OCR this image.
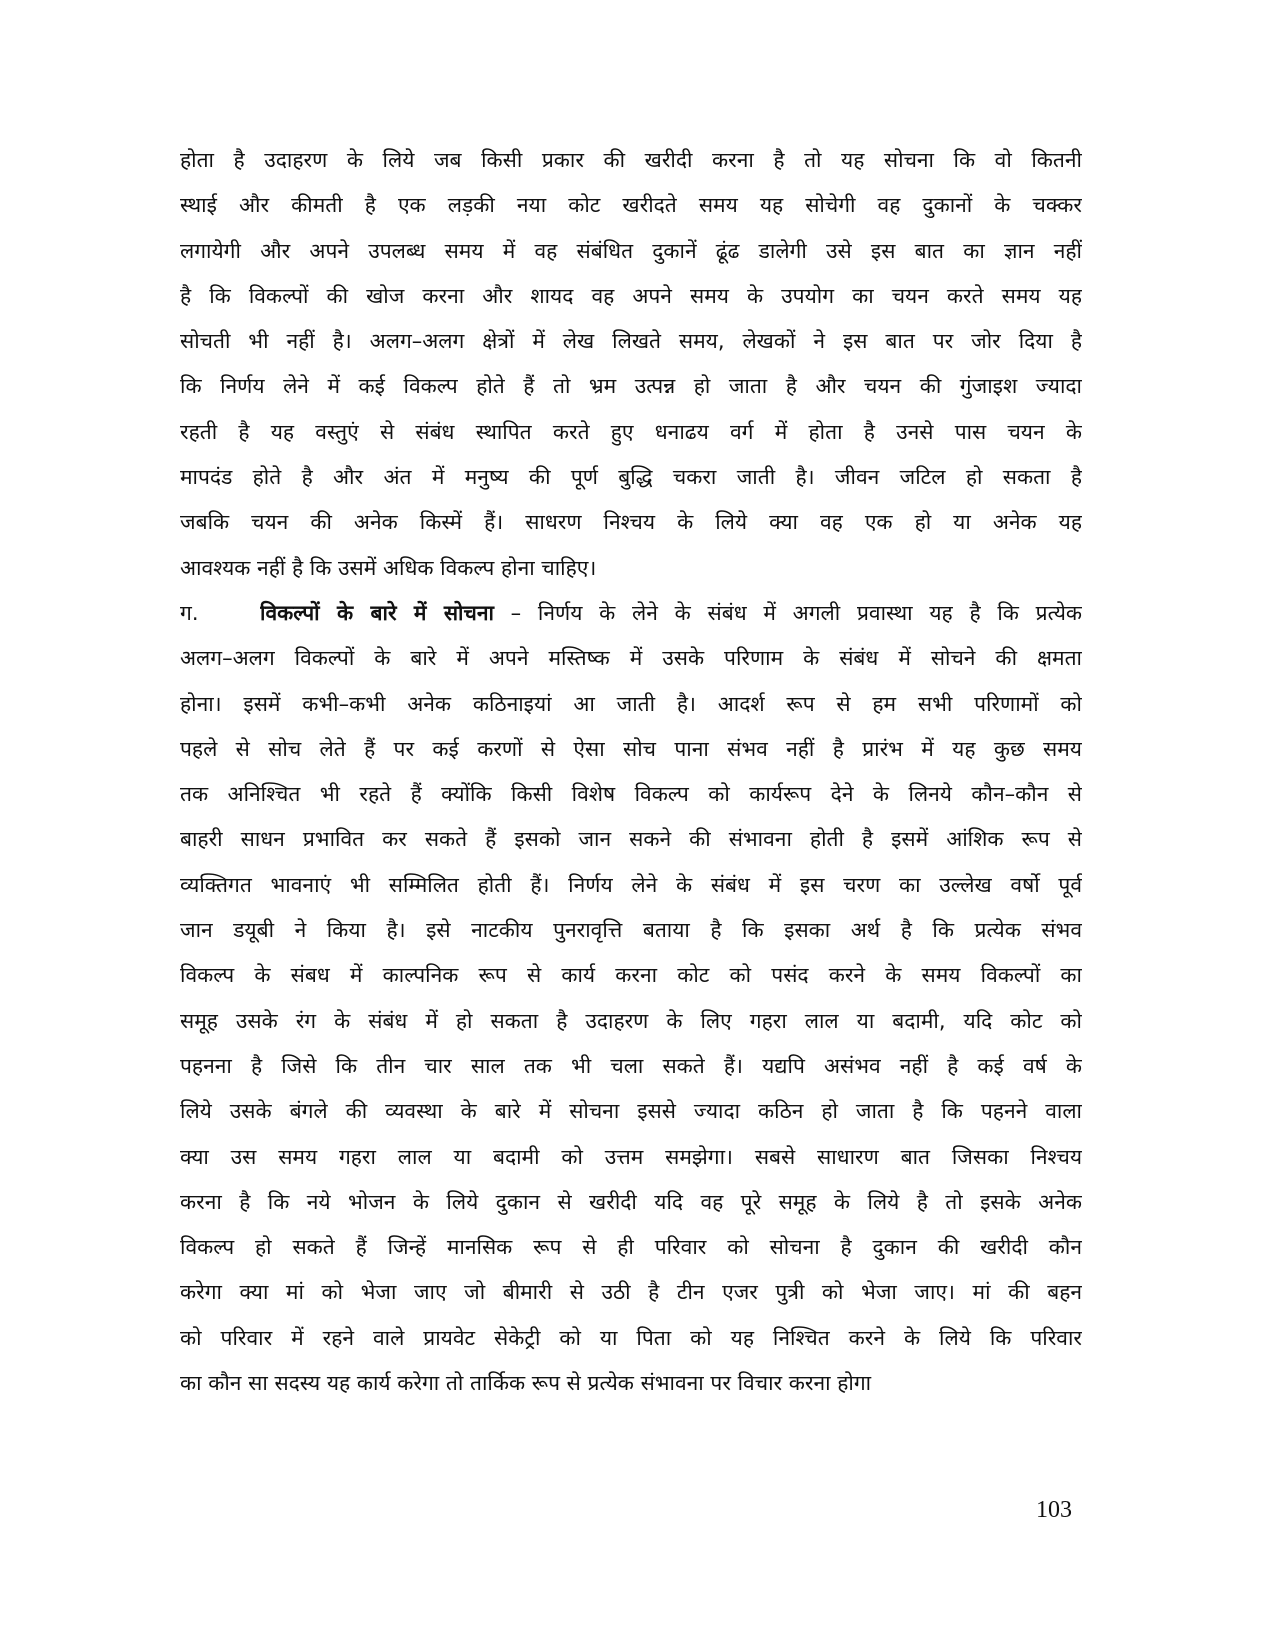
होता है उदाहरण के लिये जब किसी प्रकार की खरीदी करना है तो यह सोचना कि वो कितनी
स्थाई और कीमती है एक लड़की नया कोट खरीदते समय यह सोचेगी वह दुकानों के चक्कर
लगायेगी और अपने उपलब्ध समय में वह संबंधित दुकानें ढूंढ डालेगी उसे इस बात का ज्ञान नहीं
है कि विकल्पों की खोज करना और शायद वह अपने समय के उपयोग का चयन करते समय यह
सोचती भी नहीं है। अलग–अलग क्षेत्रों में लेख लिखते समय, लेखकों ने इस बात पर जोर दिया है
कि निर्णय लेने में कई विकल्प होते हैं तो भ्रम उत्पन्न हो जाता है और चयन की गुंजाइश ज्यादा
रहती है यह वस्तुएं से संबंध स्थापित करते हुए धनाढय वर्ग में होता है उनसे पास चयन के
मापदंड होते है और अंत में मनुष्य की पूर्ण बुद्धि चकरा जाती है। जीवन जटिल हो सकता है
जबकि चयन की अनेक किस्में हैं। साधरण निश्चय के लिये क्या वह एक हो या अनेक यह
आवश्यक नहीं है कि उसमें अधिक विकल्प होना चाहिए।
ग.	विकल्पों के बारे में सोचना – निर्णय के लेने के संबंध में अगली प्रवास्था यह है कि प्रत्येक
अलग–अलग विकल्पों के बारे में अपने मस्तिष्क में उसके परिणाम के संबंध में सोचने की क्षमता
होना। इसमें कभी–कभी अनेक कठिनाइयां आ जाती है। आदर्श रूप से हम सभी परिणामों को
पहले से सोच लेते हैं पर कई करणों से ऐसा सोच पाना संभव नहीं है प्रारंभ में यह कुछ समय
तक अनिश्चित भी रहते हैं क्योंकि किसी विशेष विकल्प को कार्यरूप देने के लिनये कौन–कौन से
बाहरी साधन प्रभावित कर सकते हैं इसको जान सकने की संभावना होती है इसमें आंशिक रूप से
व्यक्तिगत भावनाएं भी सम्मिलित होती हैं। निर्णय लेने के संबंध में इस चरण का उल्लेख वर्षो पूर्व
जान डयूबी ने किया है। इसे नाटकीय पुनरावृत्ति बताया है कि इसका अर्थ है कि प्रत्येक संभव
विकल्प के संबध में काल्पनिक रूप से कार्य करना कोट को पसंद करने के समय विकल्पों का
समूह उसके रंग के संबंध में हो सकता है उदाहरण के लिए गहरा लाल या बदामी, यदि कोट को
पहनना है जिसे कि तीन चार साल तक भी चला सकते हैं। यद्यपि असंभव नहीं है कई वर्ष के
लिये उसके बंगले की व्यवस्था के बारे में सोचना इससे ज्यादा कठिन हो जाता है कि पहनने वाला
क्या उस समय गहरा लाल या बदामी को उत्तम समझेगा। सबसे साधारण बात जिसका निश्चय
करना है कि नये भोजन के लिये दुकान से खरीदी यदि वह पूरे समूह के लिये है तो इसके अनेक
विकल्प हो सकते हैं जिन्हें मानसिक रूप से ही परिवार को सोचना है दुकान की खरीदी कौन
करेगा क्या मां को भेजा जाए जो बीमारी से उठी है टीन एजर पुत्री को भेजा जाए। मां की बहन
को परिवार में रहने वाले प्रायवेट सेकेट्री को या पिता को यह निश्चित करने के लिये कि परिवार
का कौन सा सदस्य यह कार्य करेगा तो तार्किक रूप से प्रत्येक संभावना पर विचार करना होगा
103
